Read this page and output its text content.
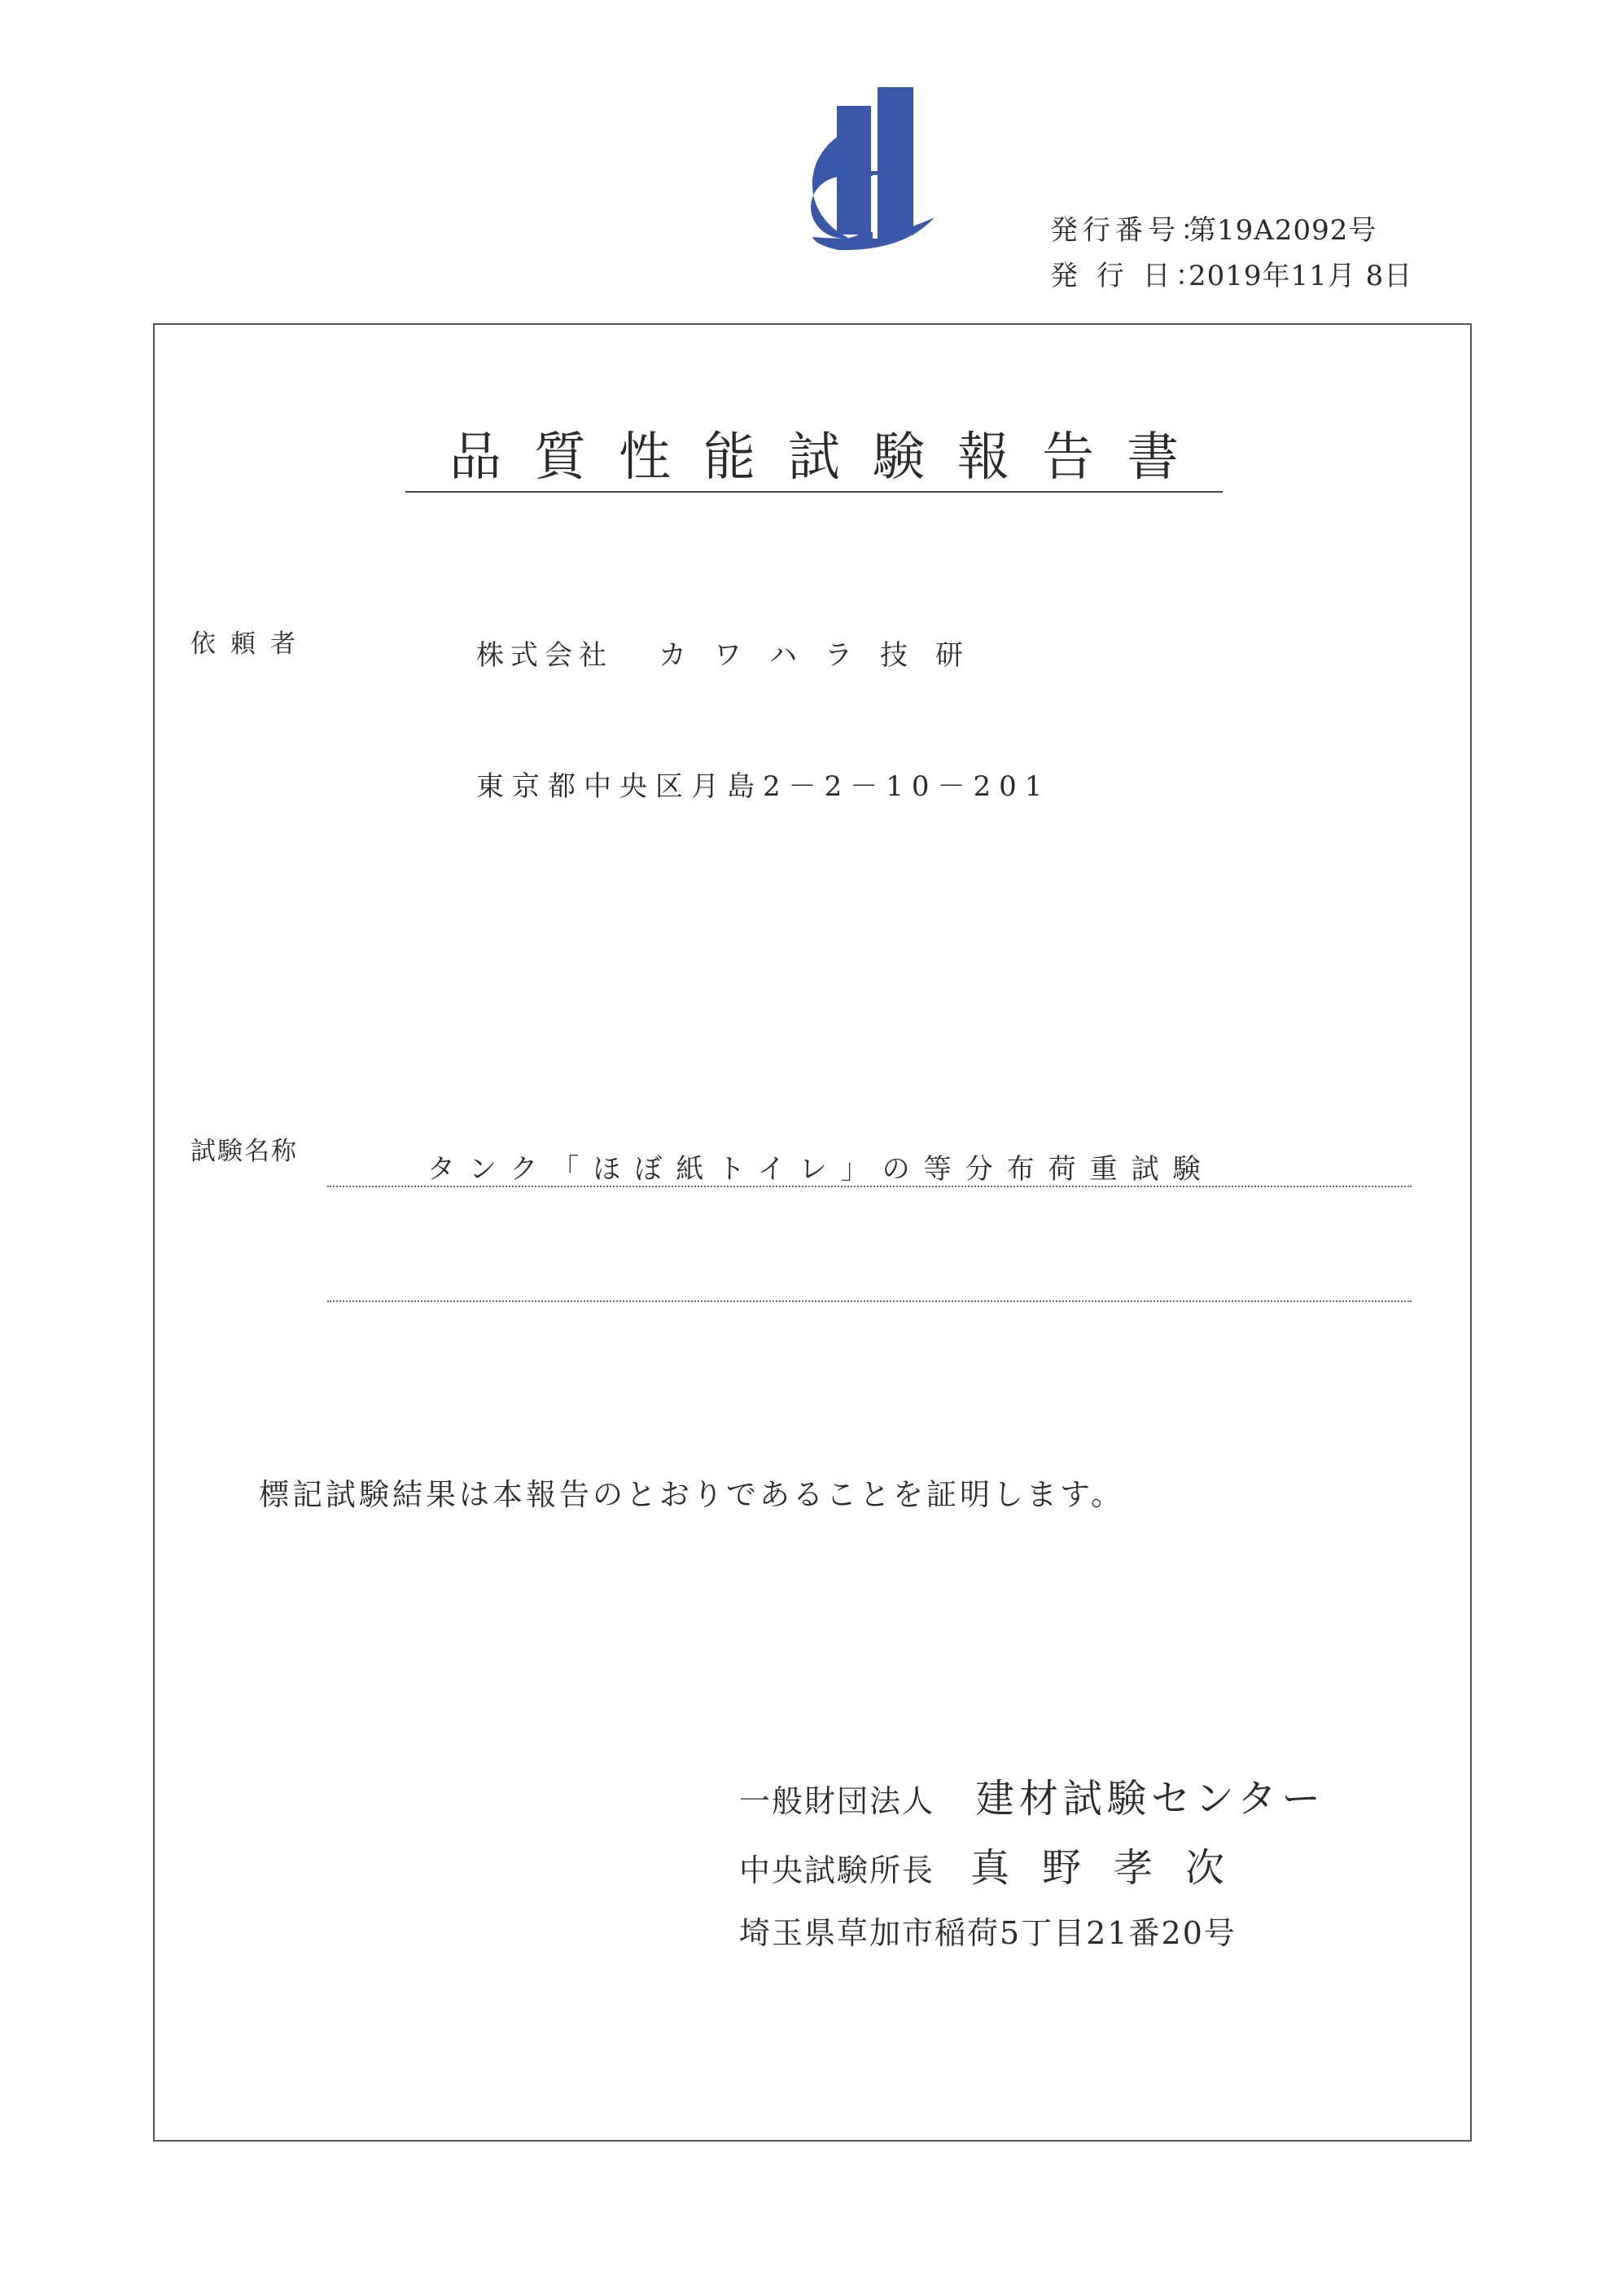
発行番号：第19A2092号
発 行 日：2019年11月 8日
品質性能試験報告書
依頼者	株式会社 カワハラ技研
東京都中央区月島2－2－10－201
試験名称
タンク「ほぼ紙トイレ」の等分布荷重試験
標記試験結果は本報告のとおりであることを証明します。
一般財団法人 建材試験センター
中央試験所長 真野孝次
埼玉県草加市稲荷5丁目21番20号
